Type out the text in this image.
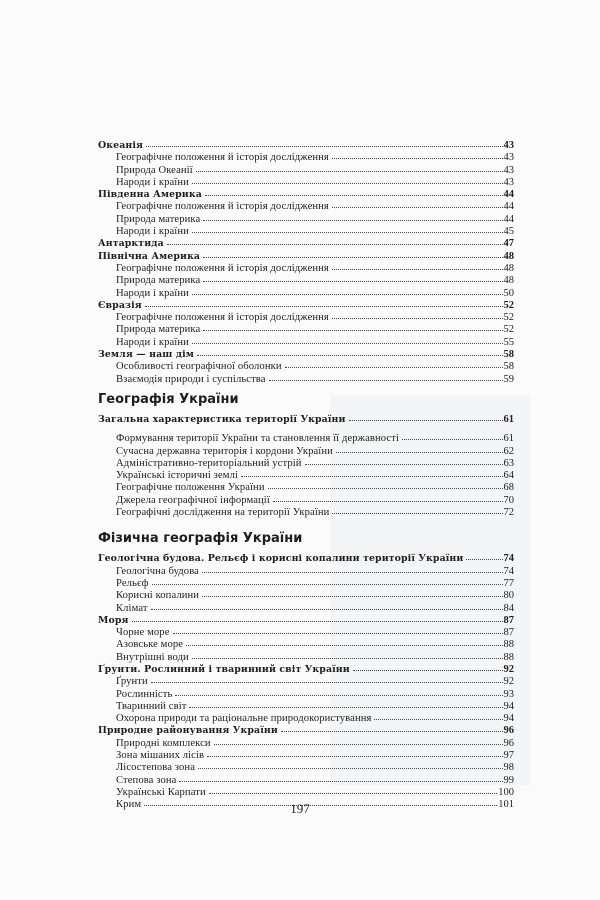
Океанія	43
Географічне положення й історія дослідження	43
Природа Океанії	43
Народи і країни	43
Південна Америка	44
Географічне положення й історія дослідження	44
Природа материка	44
Народи і країни	45
Антарктида	47
Північна Америка	48
Географічне положення й історія дослідження	48
Природа материка	48
Народи і країни	50
Євразія	52
Географічне положення й історія дослідження	52
Природа материка	52
Народи і країни	55
Земля — наш дім	58
Особливості географічної оболонки	58
Взаємодія природи і суспільства	59
Географія України
Загальна характеристика території України	61
Формування території України та становлення її державності	61
Сучасна державна територія і кордони України	62
Адміністративно-територіальний устрій	63
Українські історичні землі	64
Географічне положення України	68
Джерела географічної інформації	70
Географічні дослідження на території України	72
Фізична географія України
Геологічна будова. Рельєф і корисні копалини території України	74
Геологічна будова	74
Рельєф	77
Корисні копалини	80
Клімат	84
Моря	87
Чорне море	87
Азовське море	88
Внутрішні води	88
Ґрунти. Рослинний і тваринний світ України	92
Ґрунти	92
Рослинність	93
Тваринний світ	94
Охорона природи та раціональне природокористування	94
Природне районування України	96
Природні комплекси	96
Зона мішаних лісів	97
Лісостепова зона	98
Степова зона	99
Українські Карпати	100
Крим	101
197
